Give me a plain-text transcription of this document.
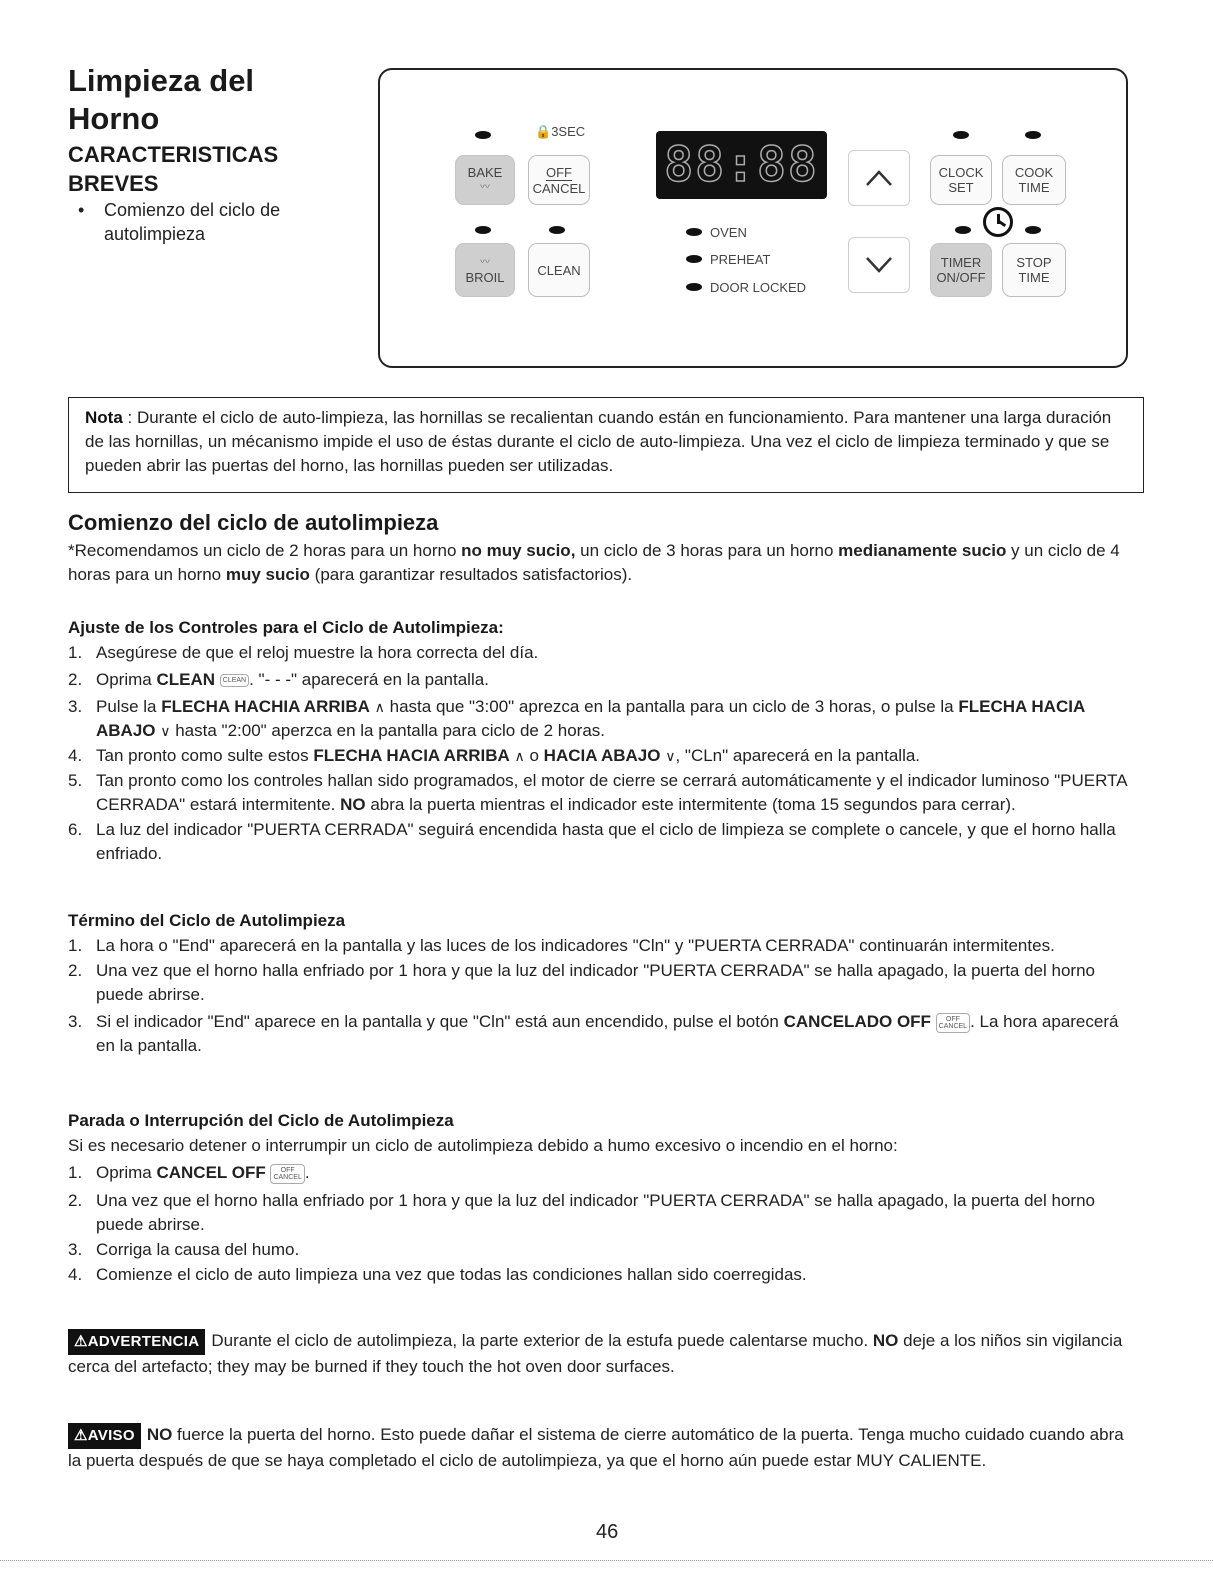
Limpieza del
Horno
CARACTERISTICAS
BREVES
•	Comienzo del ciclo de autolimpieza
🔒3SEC
BAKE
〰
OFF
CANCEL
〰
BROIL	CLEAN
88:88
OVEN
PREHEAT
DOOR LOCKED
CLOCK
SET
COOK
TIME
TIMER
ON/OFF
STOP
TIME
Nota : Durante el ciclo de auto-limpieza, las hornillas se recalientan cuando están en funcionamiento. Para mantener una larga duración de las hornillas, un mécanismo impide el uso de éstas durante el ciclo de auto-limpieza. Una vez el ciclo de limpieza terminado y que se pueden abrir las puertas del horno, las hornillas pueden ser utilizadas.
Comienzo del ciclo de autolimpieza
*Recomendamos un ciclo de 2 horas para un horno no muy sucio, un ciclo de 3 horas para un horno medianamente sucio y un ciclo de 4 horas para un horno muy sucio (para garantizar resultados satisfactorios).
Ajuste de los Controles para el Ciclo de Autolimpieza:
1. Asegúrese de que el reloj muestre la hora correcta del día.
2. Oprima CLEAN CLEAN . "- - -" aparecerá en la pantalla.
3. Pulse la FLECHA HACHIA ARRIBA ∧ hasta que "3:00" aprezca en la pantalla para un ciclo de 3 horas, o pulse la FLECHA HACIA ABAJO ∨ hasta "2:00" aperzca en la pantalla para ciclo de 2 horas.
4. Tan pronto como sulte estos FLECHA HACIA ARRIBA ∧ o HACIA ABAJO ∨, "CLn" aparecerá en la pantalla.
5. Tan pronto como los controles hallan sido programados, el motor de cierre se cerrará automáticamente y el indicador luminoso "PUERTA CERRADA" estará intermitente. NO abra la puerta mientras el indicador este intermitente (toma 15 segundos para cerrar).
6. La luz del indicador "PUERTA CERRADA" seguirá encendida hasta que el ciclo de limpieza se complete o cancele, y que el horno halla enfriado.
Término del Ciclo de Autolimpieza
1. La hora o "End" aparecerá en la pantalla y las luces de los indicadores "Cln" y "PUERTA CERRADA" continuarán intermitentes.
2. Una vez que el horno halla enfriado por 1 hora y que la luz del indicador "PUERTA CERRADA" se halla apagado, la puerta del horno puede abrirse.
3. Si el indicador "End" aparece en la pantalla y que "Cln" está aun encendido, pulse el botón CANCELADO OFF OFF
CANCEL . La hora aparecerá en la pantalla.
Parada o Interrupción del Ciclo de Autolimpieza
Si es necesario detener o interrumpir un ciclo de autolimpieza debido a humo excesivo o incendio en el horno:
1. Oprima CANCEL OFF OFF
CANCEL .
2. Una vez que el horno halla enfriado por 1 hora y que la luz del indicador "PUERTA CERRADA" se halla apagado, la puerta del horno puede abrirse.
3. Corriga la causa del humo.
4. Comienze el ciclo de auto limpieza una vez que todas las condiciones hallan sido coerregidas.
⚠ADVERTENCIA Durante el ciclo de autolimpieza, la parte exterior de la estufa puede calentarse mucho. NO deje a los niños sin vigilancia cerca del artefacto; they may be burned if they touch the hot oven door surfaces.
⚠AVISO NO fuerce la puerta del horno. Esto puede dañar el sistema de cierre automático de la puerta. Tenga mucho cuidado cuando abra la puerta después de que se haya completado el ciclo de autolimpieza, ya que el horno aún puede estar MUY CALIENTE.
46
